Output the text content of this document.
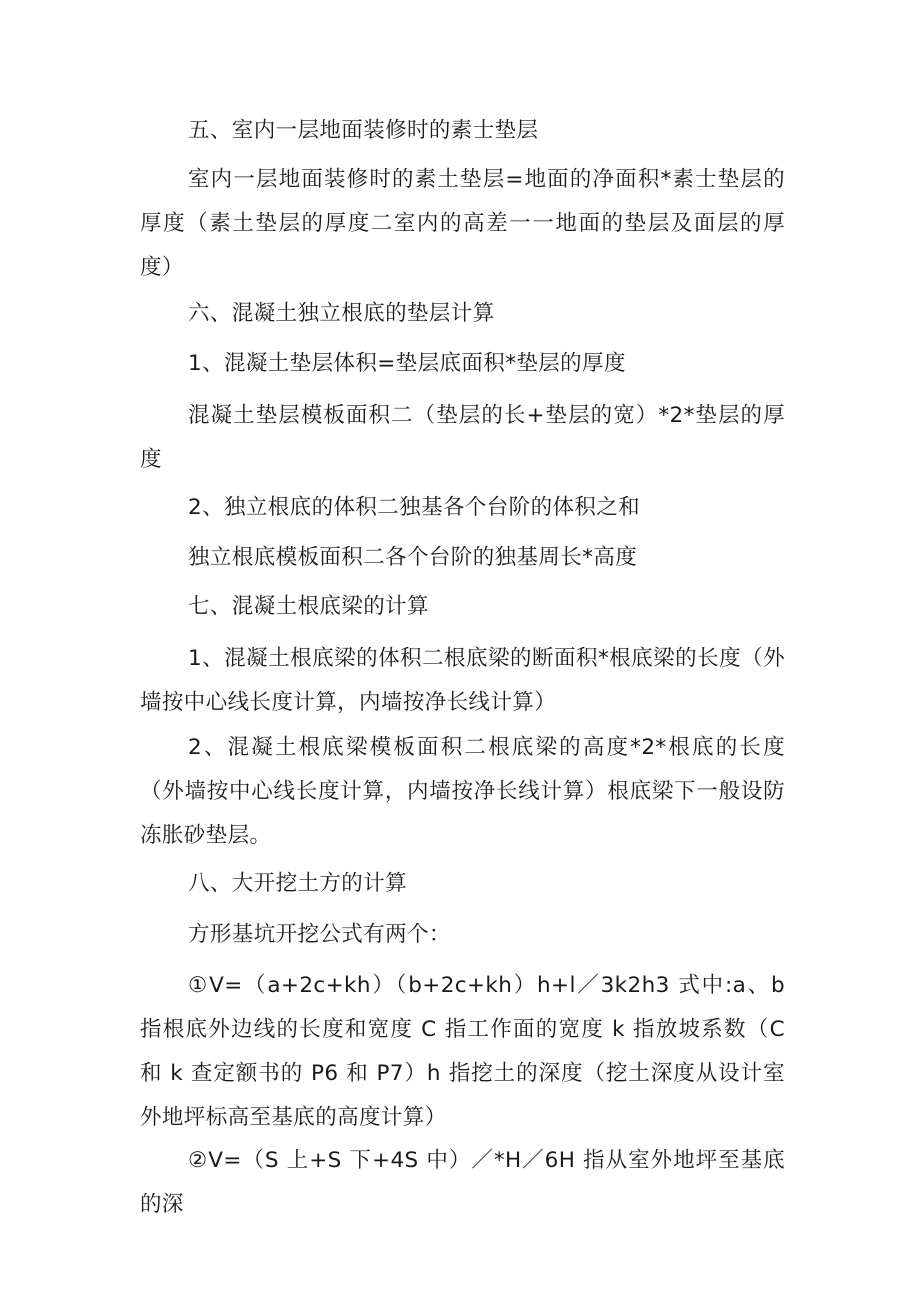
五、室内一层地面装修时的素士垫层

室内一层地面装修时的素土垫层=地面的净面积*素士垫层的厚度（素土垫层的厚度二室内的高差一一地面的垫层及面层的厚度）

六、混凝土独立根底的垫层计算

1、混凝土垫层体积=垫层底面积*垫层的厚度

混凝土垫层模板面积二（垫层的长+垫层的宽）*2*垫层的厚度

2、独立根底的体积二独基各个台阶的体积之和

独立根底模板面积二各个台阶的独基周长*高度

七、混凝土根底梁的计算

1、混凝土根底梁的体积二根底梁的断面积*根底梁的长度（外墙按中心线长度计算，内墙按净长线计算）

2、混凝土根底梁模板面积二根底梁的高度*2*根底的长度（外墙按中心线长度计算，内墙按净长线计算）根底梁下一般设防冻胀砂垫层。

八、大开挖土方的计算

方形基坑开挖公式有两个：

①V=（a+2c+kh）（b+2c+kh）h+l／3k2h3 式中:a、b 指根底外边线的长度和宽度 C 指工作面的宽度 k 指放坡系数（C 和 k 查定额书的 P6 和 P7）h 指挖土的深度（挖土深度从设计室外地坪标高至基底的高度计算）

②V=（S 上+S 下+4S 中）／*H／6H 指从室外地坪至基底的深
